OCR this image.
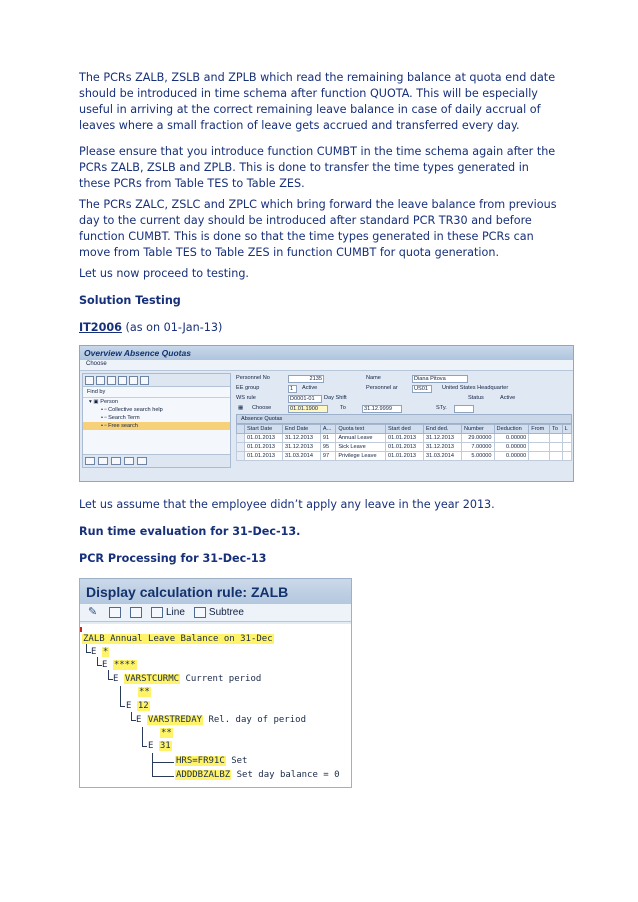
The PCRs ZALB, ZSLB and ZPLB which read the remaining balance at quota end date should be introduced in time schema after function QUOTA. This will be especially useful in arriving at the correct remaining leave balance in case of daily accrual of leaves where a small fraction of leave gets accrued and transferred every day.

Please ensure that you introduce function CUMBT in the time schema again after the PCRs ZALB, ZSLB and ZPLB. This is done to transfer the time types generated in these PCRs from Table TES to Table ZES.

The PCRs ZALC, ZSLC and ZPLC which bring forward the leave balance from previous day to the current day should be introduced after standard PCR TR30 and before function CUMBT. This is done so that the time types generated in these PCRs can move from Table TES to Table ZES in function CUMBT for quota generation.

Let us now proceed to testing.

Solution Testing

IT2006 (as on 01-Jan-13)

Overview Absence Quotas
Choose
Find by
▾ ▣ Person
• ▫ Collective search help
• ▫ Search Term
• ▫ Free search
Personnel No	2135	Name	Diana Pitova
EE group	1	Active	Personnel ar	US01	United States Headquarter
WS rule	D0001-01	Day Shift	Status	Active
▦ Choose	01.01.1900	To	31.12.9999	STy.
Absence Quotas
	Start Date	End Date	A...	Quota text	Start ded	End ded.	Number	Deduction	From	To	L
	01.01.2013	31.12.2013	91	Annual Leave	01.01.2013	31.12.2013	29.00000	0.00000			
	01.01.2013	31.12.2013	95	Sick Leave	01.01.2013	31.12.2013	7.00000	0.00000			
	01.01.2013	31.03.2014	97	Privilege Leave	01.01.2013	31.03.2014	5.00000	0.00000			

Let us assume that the employee didn’t apply any leave in the year 2013.

Run time evaluation for 31-Dec-13.

PCR Processing for 31-Dec-13

Display calculation rule: ZALB
✎	Line Subtree
ZALB Annual Leave Balance on 31-Dec
E *
E ****
E VARSTCURMC Current period
**
E 12
E VARSTREDAY Rel. day of period
**
E 31
HRS=FR91C Set
ADDDBZALBZ Set day balance = 0
